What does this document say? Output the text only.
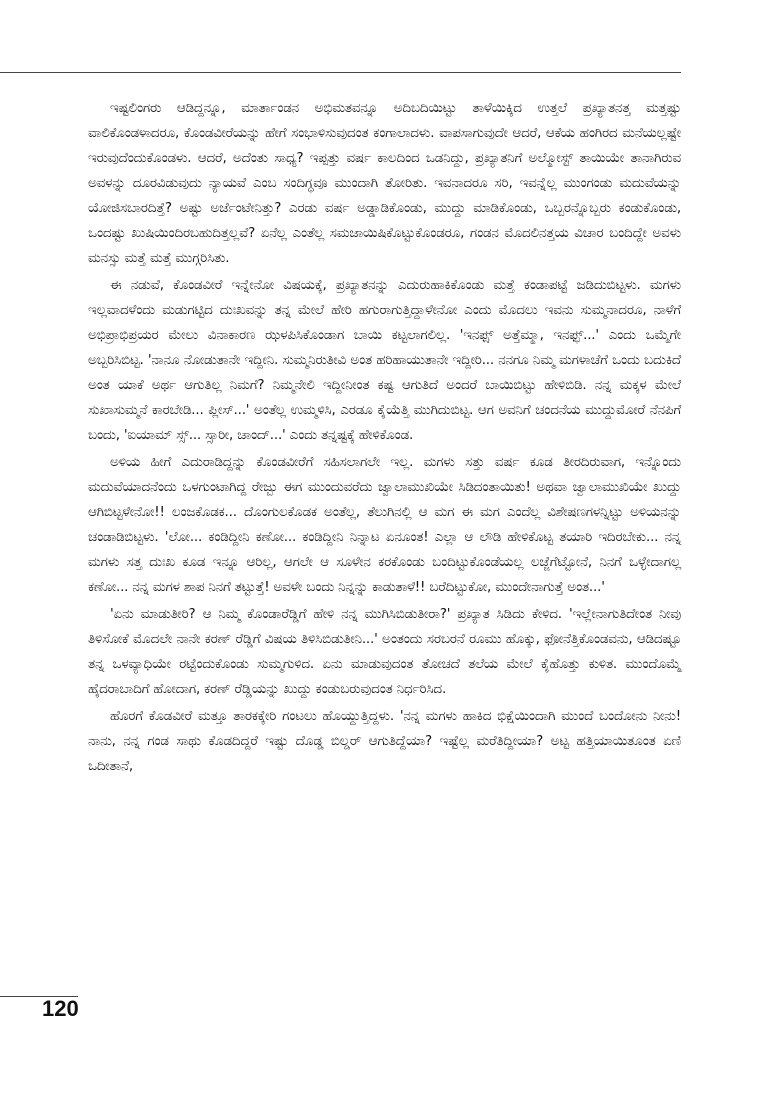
ಇಷ್ಟಲಿಂಗರು ಆಡಿದ್ದನ್ನೂ, ಮಾರ್ತಾಂಡನ ಅಭಿಮತವನ್ನೂ ಅದಿಬದಿಯಿಟ್ಟು ತಾಳೆಯಿಕ್ಕಿದ ಉತ್ತಲೆ ಪ್ರಖ್ಯಾತನತ್ತ ಮತ್ತಷ್ಟು ವಾಲಿಕೊಂಡಳಾದರೂ, ಕೊಂಡವೀರೆಯನ್ನು ಹೇಗೆ ಸಂಭಾಳಿಸುವುದಂತ ಕಂಗಾಲಾದಳು. ವಾಪಸಾಗುವುದೇ ಆದರೆ, ಆಕೆಯ ಹಂಗಿರದ ಮನೆಯಲ್ಲಷ್ಟೇ ಇರುವುದೆಂದುಕೊಂಡಳು. ಆದರೆ, ಅದೆಂತು ಸಾಧ್ಯ? ಇಪ್ಪತ್ತು ವರ್ಷ ಕಾಲದಿಂದ ಒಡನಿದ್ದು, ಪ್ರಖ್ಯಾತನಿಗೆ ಅಲ್ಮೋಸ್ಟ್ ತಾಯಿಯೇ ತಾನಾಗಿರುವ ಅವಳನ್ನು ದೂರವಿಡುವುದು ನ್ಯಾಯವೆ ಎಂಬ ಸಂದಿಗ್ಧವೂ ಮುಂದಾಗಿ ತೋರಿತು. ಇವನಾದರೂ ಸರಿ, ಇವನ್ನೆಲ್ಲ ಮುಂಗಂಡು ಮದುವೆಯನ್ನು ಯೋಜಿಸಬಾರದಿತ್ತೆ? ಅಷ್ಟು ಅರ್ಜೆಂಟೇನಿತ್ತು? ಎರಡು ವರ್ಷ ಅಡ್ಡಾಡಿಕೊಂಡು, ಮುದ್ದು ಮಾಡಿಕೊಂಡು, ಒಬ್ಬರನ್ನೊಬ್ಬರು ಕಂಡುಕೊಂಡು, ಒಂದಷ್ಟು ಖುಷಿಯಿಂದಿರಬಹುದಿತ್ತಲ್ಲವೆ? ಏನೆಲ್ಲ ಎಂತೆಲ್ಲ ಸಮಜಾಯಿಷಿಕೊಟ್ಟುಕೊಂಡರೂ, ಗಂಡನ ಮೊದಲಿನತ್ತಯ ವಿಚಾರ ಬಂದಿದ್ದೇ ಅವಳು ಮನಸ್ಸು ಮತ್ತೆ ಮತ್ತೆ ಮುಗ್ಗರಿಸಿತು.

ಈ ನಡುವೆ, ಕೊಂಡವೀರೆ ಇನ್ನೇನೋ ವಿಷಯಕ್ಕೆ, ಪ್ರಖ್ಯಾತನನ್ನು ಎದುರುಹಾಕಿಕೊಂಡು ಮತ್ತೆ ಕಂಡಾಪಟ್ಟೆ ಜಡಿದುಬಿಟ್ಟಳು. ಮಗಳು ಇಲ್ಲವಾದಳೆಂದು ಮಡುಗಟ್ಟಿದ ದುಃಖವನ್ನು ತನ್ನ ಮೇಲೆ ಹೇರಿ ಹಗುರಾಗುತ್ತಿದ್ದಾಳೇನೋ ಎಂದು ಮೊದಲು ಇವನು ಸುಮ್ಮನಾದರೂ, ನಾಳೆಗೆ ಅಭಿಪ್ರಾಭಿಪ್ರಯರ ಮೇಲು ವಿನಾಕಾರಣ ಝಳಪಿಸಿಕೊಂಡಾಗ ಬಾಯಿ ಕಟ್ಟಲಾಗಲಿಲ್ಲ. 'ಇನಫ್ಸ್ ಅತ್ತೆಮ್ಮಾ, ಇನಫ್ಫ್...' ಎಂದು ಒಮ್ಮೆಗೇ ಅಬ್ಬರಿಸಿಬಿಟ್ಟ. 'ನಾನೂ ನೋಡುತಾನೇ ಇದ್ದೀನಿ. ಸುಮ್ಮನಿರುತೀವಿ ಅಂತ ಹರಿಹಾಯುತಾನೇ ಇದ್ದೀರಿ... ನನಗೂ ನಿಮ್ಮ ಮಗಳಾಚೆಗೆ ಒಂದು ಬದುಕಿದೆ ಅಂತ ಯಾಕೆ ಅರ್ಥ ಆಗುತಿಲ್ಲ ನಿಮಗೆ? ನಿಮ್ಮನೇಲಿ ಇದ್ದೀನೀಂತ ಕಷ್ಟ ಆಗುತಿದೆ ಅಂದರೆ ಬಾಯಿಬಿಟ್ಟು ಹೇಳಿಬಿಡಿ. ನನ್ನ ಮಕ್ಕಳ ಮೇಲೆ ಸುಖಾಸುಮ್ಮನೆ ಕಾರಬೇಡಿ... ಪ್ಲೀಸ್...' ಅಂತೆಲ್ಲ ಉಮ್ಮಳಿಸಿ, ಎರಡೂ ಕೈಯೆತ್ತಿ ಮುಗಿದುಬಿಟ್ಟ. ಆಗ ಅವನಿಗೆ ಚಂದನೆಯ ಮುದ್ದುಮೋರೆ ನೆನಪಿಗೆ ಬಂದು, 'ಐಯಾಮ್ ಸ್ಸ್... ಸ್ಸಾರೀ, ಚಾಂದ್...' ಎಂದು ತನ್ನಷ್ಟಕ್ಕೆ ಹೇಳಿಕೊಂಡ.

ಅಳಿಯ ಹೀಗೆ ಎದುರಾಡಿದ್ದನ್ನು ಕೊಂಡವೀರೆಗೆ ಸಹಿಸಲಾಗಲೇ ಇಲ್ಲ. ಮಗಳು ಸತ್ತು ವರ್ಷ ಕೂಡ ತೀರದಿರುವಾಗ, ಇನ್ನೊಂದು ಮದುವೆಯಾದನೆಂದು ಒಳಗುಂಟಾಗಿದ್ದ ರೇಜ್ಬು ಈಗ ಮುಂದುವರೆದು ಜ್ವಾಲಾಮುಖಿಯೇ ಸಿಡಿದಂತಾಯಿತು! ಅಥವಾ ಜ್ವಾಲಾಮುಖಿಯೇ ಖುದ್ದು ಆಗಿಬಿಟ್ಟಳೇನೋ!! ಲಂಜಕೊಡಕ... ದೊಂಗುಲಕೊಡಕ ಅಂತೆಲ್ಲ, ತೆಲುಗಿನಲ್ಲಿ ಆ ಮಗ ಈ ಮಗ ಎಂದೆಲ್ಲ ವಿಶೇಷಣಗಳನ್ನಿಟ್ಟು ಅಳಿಯನನ್ನು ಚಂಡಾಡಿಬಿಟ್ಟಳು. 'ಲೋ... ಕಂಡಿದ್ದೀನಿ ಕಣೋ... ಕಂಡಿದ್ದೀನಿ ನಿನ್ನಾಟ ಏನೂಂತ! ಎಲ್ಲಾ ಆ ಲೌಡಿ ಹೇಳಿಕೊಟ್ಟ ತಯಾರಿ ಇದಿರಬೇಕು... ನನ್ನ ಮಗಳು ಸತ್ತ ದುಃಖ ಕೂಡ ಇನ್ನೂ ಆರಿಲ್ಲ, ಆಗಲೇ ಆ ಸೂಳೇನ ಕರಕೊಂಡು ಬಂದಿಟ್ಟುಕೊಂಡೆಯಲ್ಲ ಲಜ್ಜೆಗೆಟ್ಟೋನೆ, ನಿನಗೆ ಒಳ್ಳೇದಾಗಲ್ಲ ಕಣೋ... ನನ್ನ ಮಗಳ ಶಾಪ ನಿನಗೆ ತಟ್ಟುತ್ತೆ! ಅವಳೇ ಬಂದು ನಿನ್ನನ್ನು ಕಾಡುತಾಳೆ!! ಬರೆದಿಟ್ಟುಕೋ, ಮುಂದೇನಾಗುತ್ತೆ ಅಂತ...'

'ಏನು ಮಾಡುತೀರಿ? ಆ ನಿಮ್ಮ ಕೊಂಡಾರೆಡ್ಡಿಗೆ ಹೇಳಿ ನನ್ನ ಮುಗಿಸಿಬಿಡುತೀರಾ?' ಪ್ರಖ್ಯಾತ ಸಿಡಿದು ಕೇಳಿದ. 'ಇಲ್ಲೇನಾಗುತಿದೇಂತ ನೀವು ತಿಳಿಸೋಕೆ ಮೊದಲೇ ನಾನೇ ಕರಣ್ ರೆಡ್ಡಿಗೆ ವಿಷಯ ತಿಳಿಸಿಬಿಡುತೀನಿ...' ಅಂತಂದು ಸರಬರನೆ ರೂಮು ಹೊಕ್ಕು, ಫೋನೆತ್ತಿಕೊಂಡವನು, ಆಡಿದಷ್ಟೂ ತನ್ನ ಒಳವ್ಯಾಧಿಯೇ ರಟ್ಟೆಂದುಕೊಂಡು ಸುಮ್ಮಗುಳಿದ. ಏನು ಮಾಡುವುದಂತ ತೋಚದೆ ತಲೆಯ ಮೇಲೆ ಕೈಹೊತ್ತು ಕುಳಿತ. ಮುಂದೊಮ್ಮೆ ಹೈದರಾಬಾದಿಗೆ ಹೋದಾಗ, ಕರಣ್ ರೆಡ್ಡಿಯನ್ನು ಖುದ್ದು ಕಂಡುಬರುವುದಂತ ನಿರ್ಧರಿಸಿದ.

ಹೊರಗೆ ಕೊಡವೀರೆ ಮತ್ತೂ ತಾರಕಕ್ಕೇರಿ ಗಂಟಲು ಹೊಯ್ದುತ್ತಿದ್ದಳು. 'ನನ್ನ ಮಗಳು ಹಾಕಿದ ಭಿಕ್ಷೆಯಿಂದಾಗಿ ಮುಂದೆ ಬಂದೋನು ನೀನು! ನಾನು, ನನ್ನ ಗಂಡ ಸಾಥು ಕೊಡದಿದ್ದರೆ ಇಷ್ಟು ದೊಡ್ಡ ಬಿಲ್ಡರ್ ಆಗುತಿದ್ದೆಯಾ? ಇಷ್ಟೆಲ್ಲ ಮರೆತಿದ್ದೀಯಾ? ಅಟ್ಟ ಹತ್ತಿಯಾಯಿತೂಂತ ಏಣಿ ಒದೀತಾನೆ,

120
